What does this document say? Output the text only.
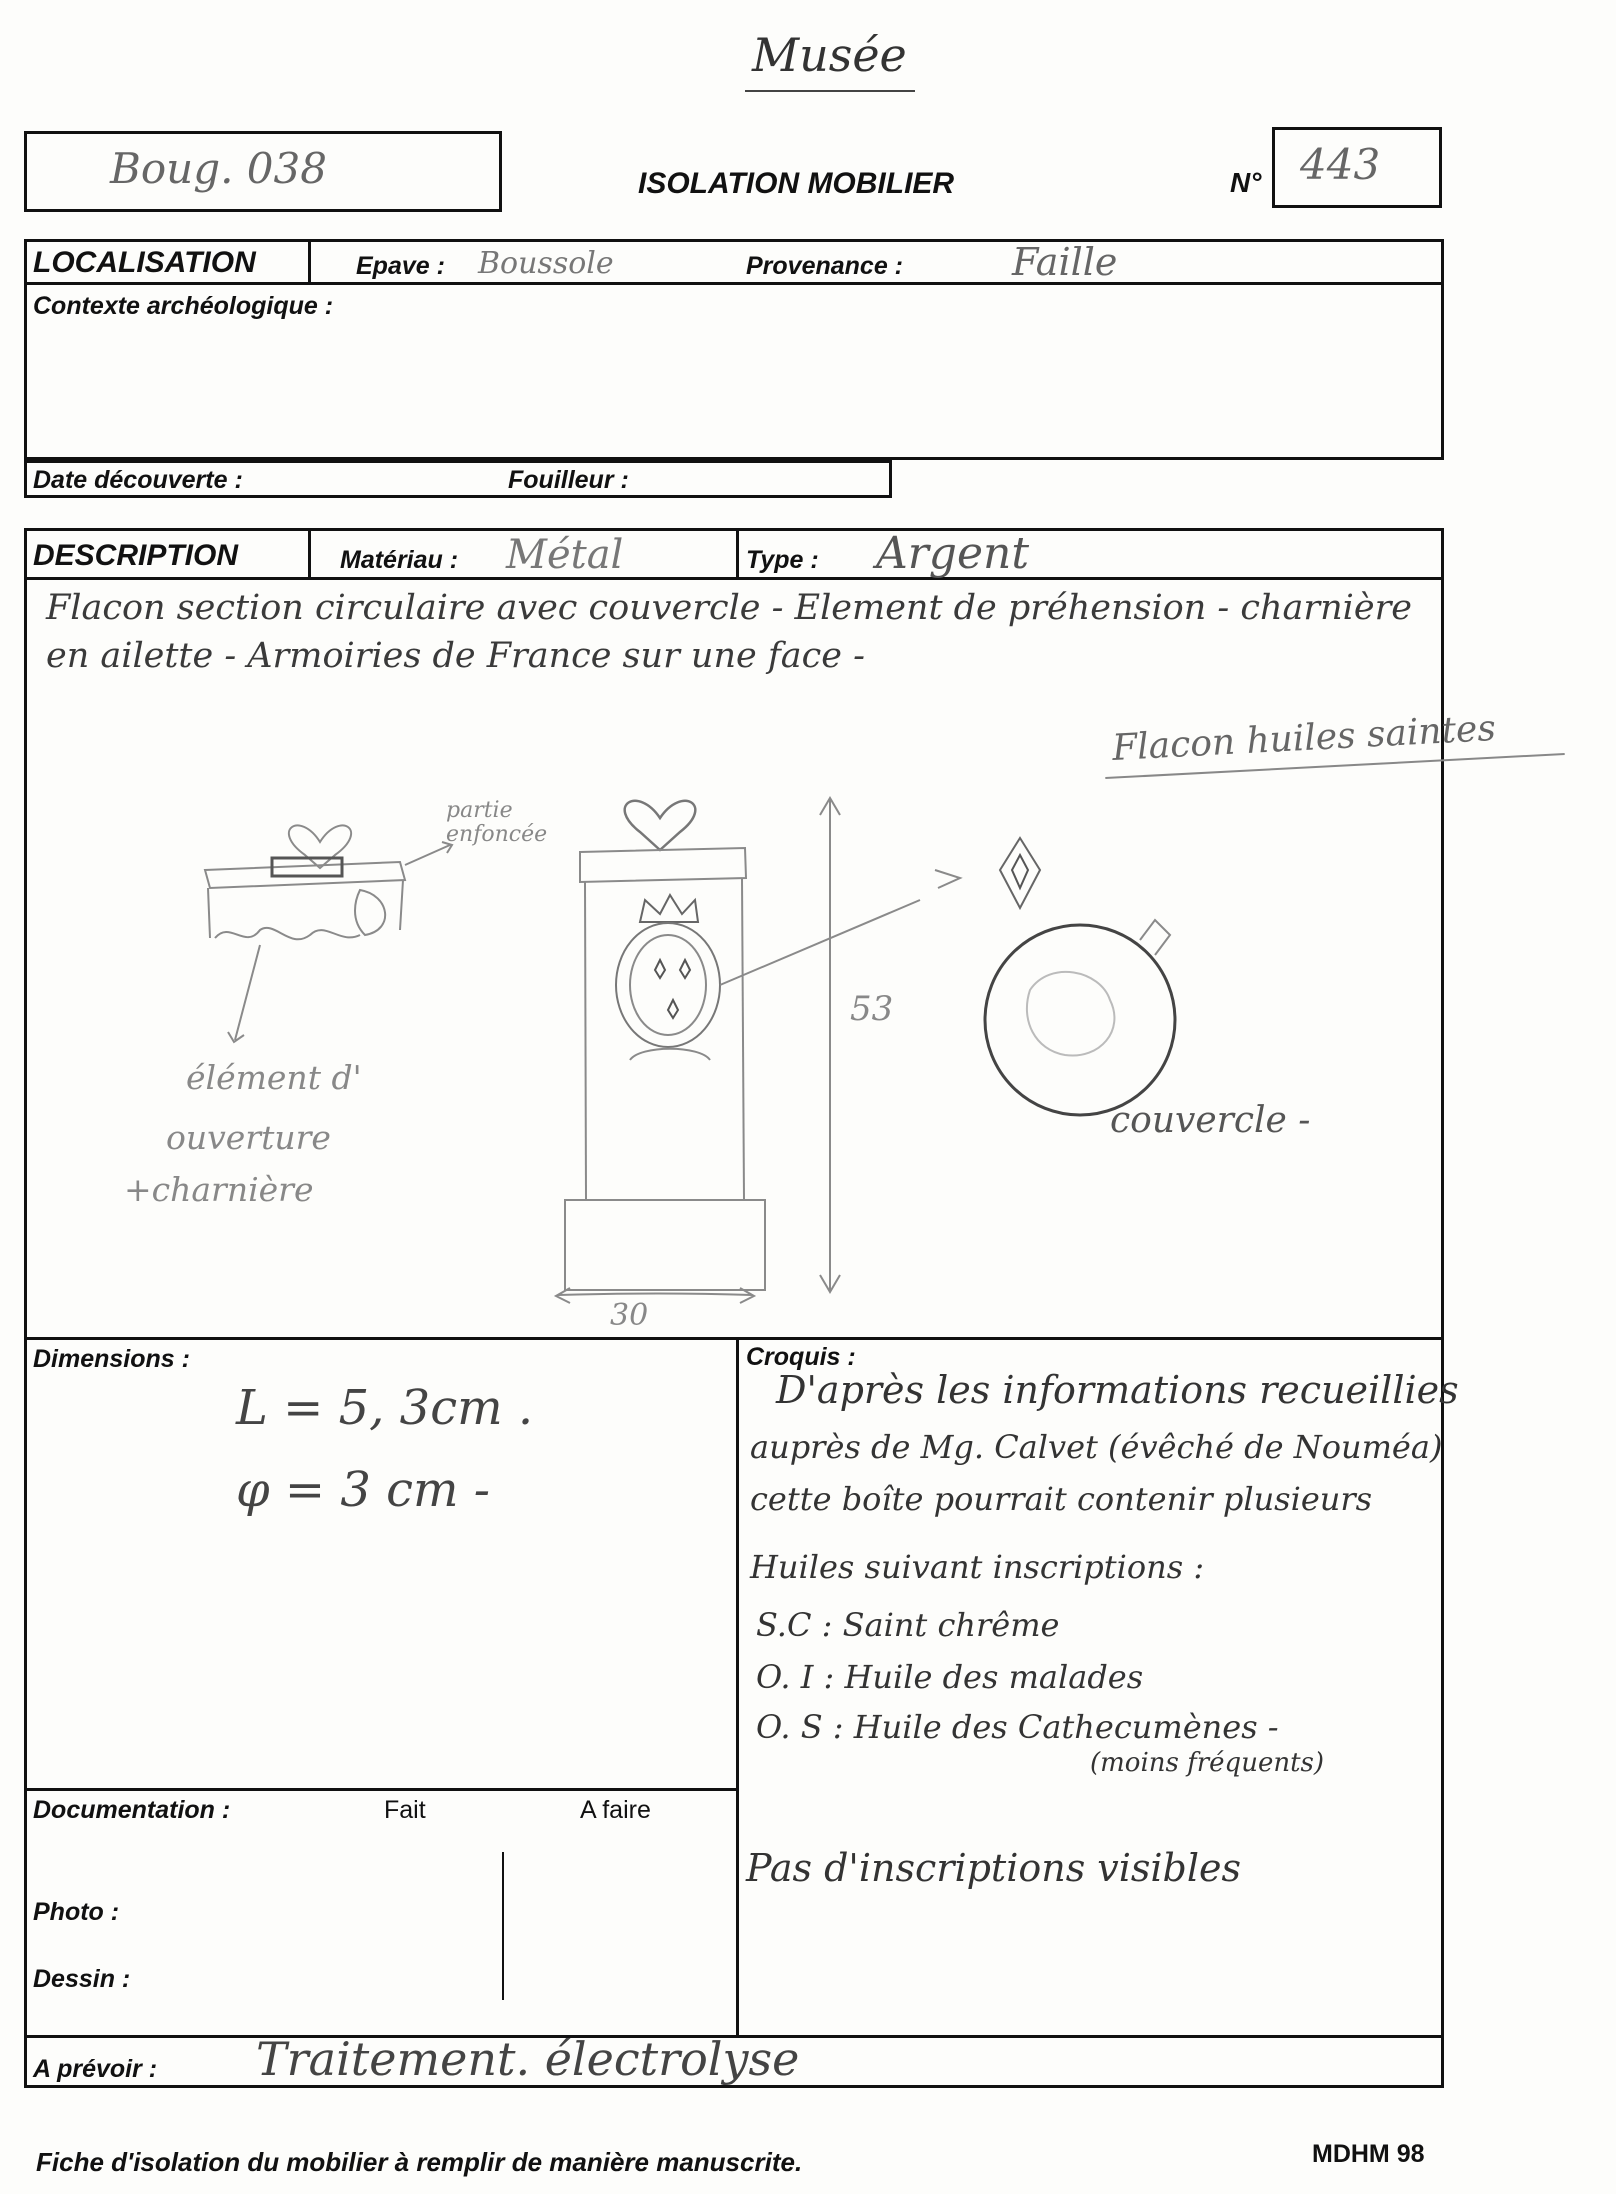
Musée
Boug. 038	ISOLATION MOBILIER	N° 443
LOCALISATION	Epave : Boussole	Provenance :	Faille
Contexte archéologique :
Date découverte :	Fouilleur :
DESCRIPTION	Matériau : Métal	Type : Argent
Flacon section circulaire avec couvercle - Element de préhension - charnière
en ailette - Armoiries de France sur une face -
Flacon huiles saintes
53
partie
enfoncée
élément d'
ouverture
+charnière
30
couvercle -
Dimensions :
L = 5, 3cm .
φ = 3 cm -
Croquis :
D'après les informations recueillies
auprès de Mg. Calvet (évêché de Nouméa)
cette boîte pourrait contenir plusieurs
Huiles suivant inscriptions :
S.C : Saint chrême
O. I : Huile des malades
O. S : Huile des Cathecumènes -
(moins fréquents)
Pas d'inscriptions visibles
Documentation :	Fait	A faire
Photo :
Dessin :
A prévoir : Traitement. électrolyse
Fiche d'isolation du mobilier à remplir de manière manuscrite.	MDHM 98
